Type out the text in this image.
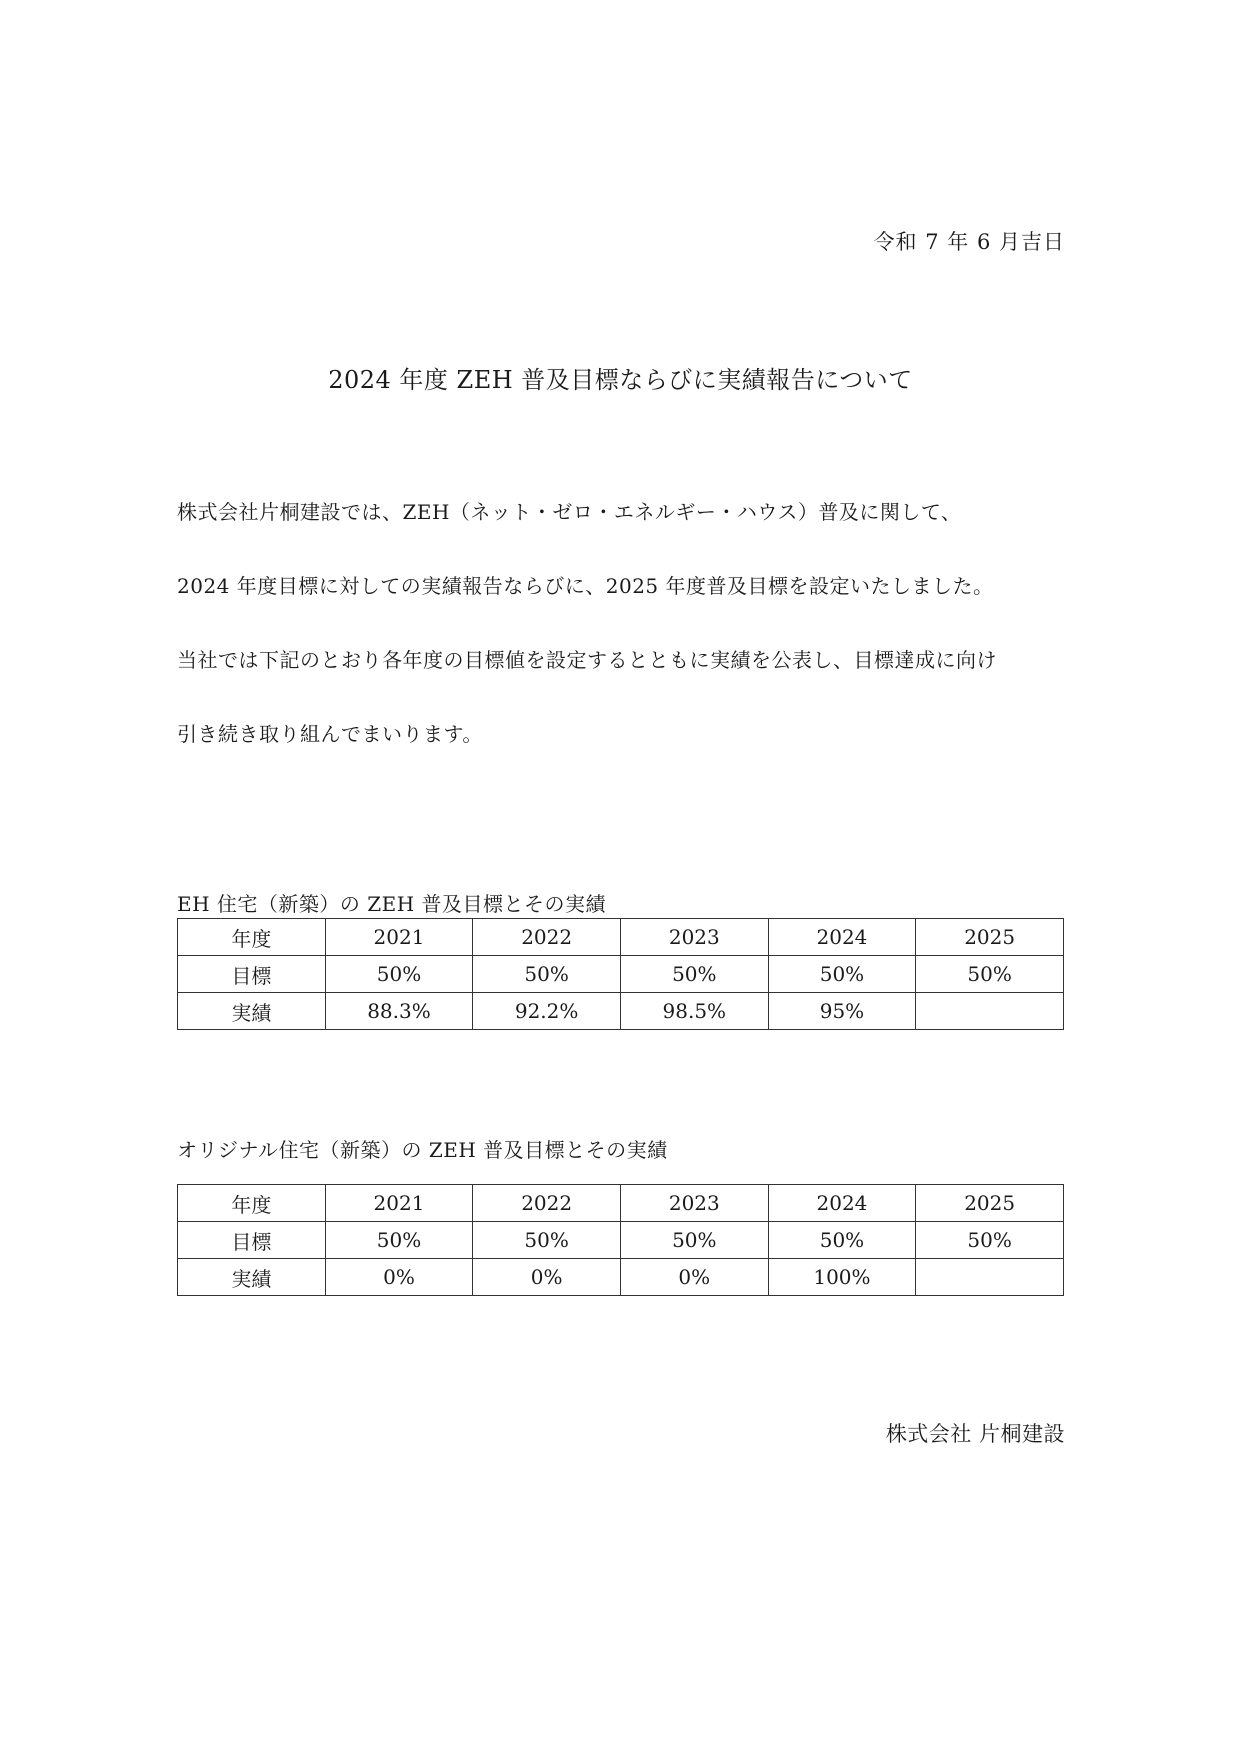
令和 7 年 6 月吉日
2024 年度 ZEH 普及目標ならびに実績報告について
株式会社片桐建設では、ZEH（ネット・ゼロ・エネルギー・ハウス）普及に関して、
2024 年度目標に対しての実績報告ならびに、2025 年度普及目標を設定いたしました。
当社では下記のとおり各年度の目標値を設定するとともに実績を公表し、目標達成に向け
引き続き取り組んでまいります。
EH 住宅（新築）の ZEH 普及目標とその実績
年度	2021	2022	2023	2024	2025
目標	50%	50%	50%	50%	50%
実績	88.3%	92.2%	98.5%	95%	
オリジナル住宅（新築）の ZEH 普及目標とその実績
年度	2021	2022	2023	2024	2025
目標	50%	50%	50%	50%	50%
実績	0%	0%	0%	100%	
株式会社 片桐建設
